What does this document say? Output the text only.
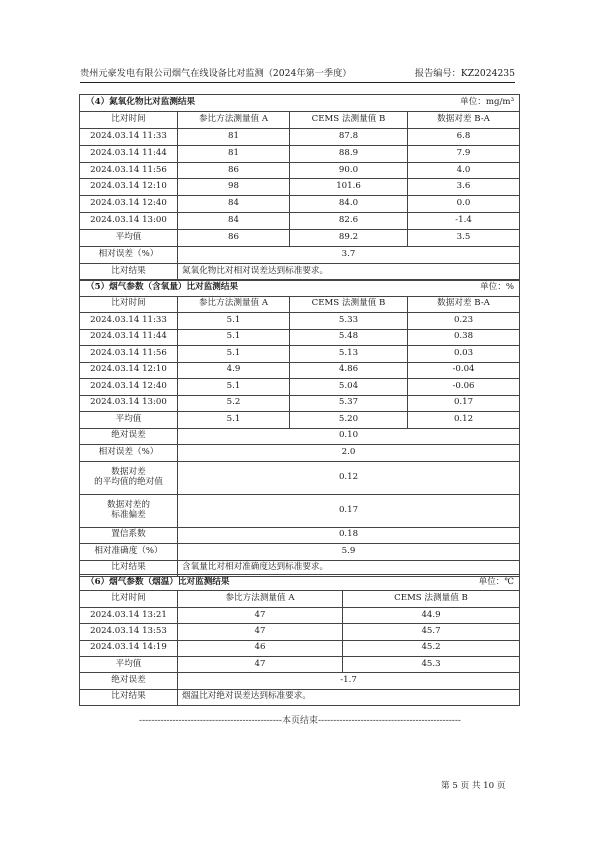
贵州元豪发电有限公司烟气在线设备比对监测（2024年第一季度）	报告编号：KZ2024235
单位：mg/m³
（4）氮氧化物比对监测结果			
比对时间	参比方法测量值 A	CEMS 法测量值 B	数据对差 B-A
2024.03.14 11:33	81	87.8	6.8
2024.03.14 11:44	81	88.9	7.9
2024.03.14 11:56	86	90.0	4.0
2024.03.14 12:10	98	101.6	3.6
2024.03.14 12:40	84	84.0	0.0
2024.03.14 13:00	84	82.6	-1.4
平均值	86	89.2	3.5
相对误差（%）	3.7		
比对结果	氮氧化物比对相对误差达到标准要求。		
单位：%
（5）烟气参数（含氧量）比对监测结果			
比对时间	参比方法测量值 A	CEMS 法测量值 B	数据对差 B-A
2024.03.14 11:33	5.1	5.33	0.23
2024.03.14 11:44	5.1	5.48	0.38
2024.03.14 11:56	5.1	5.13	0.03
2024.03.14 12:10	4.9	4.86	-0.04
2024.03.14 12:40	5.1	5.04	-0.06
2024.03.14 13:00	5.2	5.37	0.17
平均值	5.1	5.20	0.12
绝对误差	0.10		
相对误差（%）	2.0		
数据对差
的平均值的绝对值	0.12		
数据对差的
标准偏差	0.17		
置信系数	0.18		
相对准确度（%）	5.9		
比对结果	含氧量比对相对准确度达到标准要求。		
单位：℃
（6）烟气参数（烟温）比对监测结果		
比对时间	参比方法测量值 A	CEMS 法测量值 B
2024.03.14 13:21	47	44.9
2024.03.14 13:53	47	45.7
2024.03.14 14:19	46	45.2
平均值	47	45.3
绝对误差	-1.7	
比对结果	烟温比对绝对误差达到标准要求。	
-----------------------------------------------本页结束-----------------------------------------------
第 5 页 共 10 页
